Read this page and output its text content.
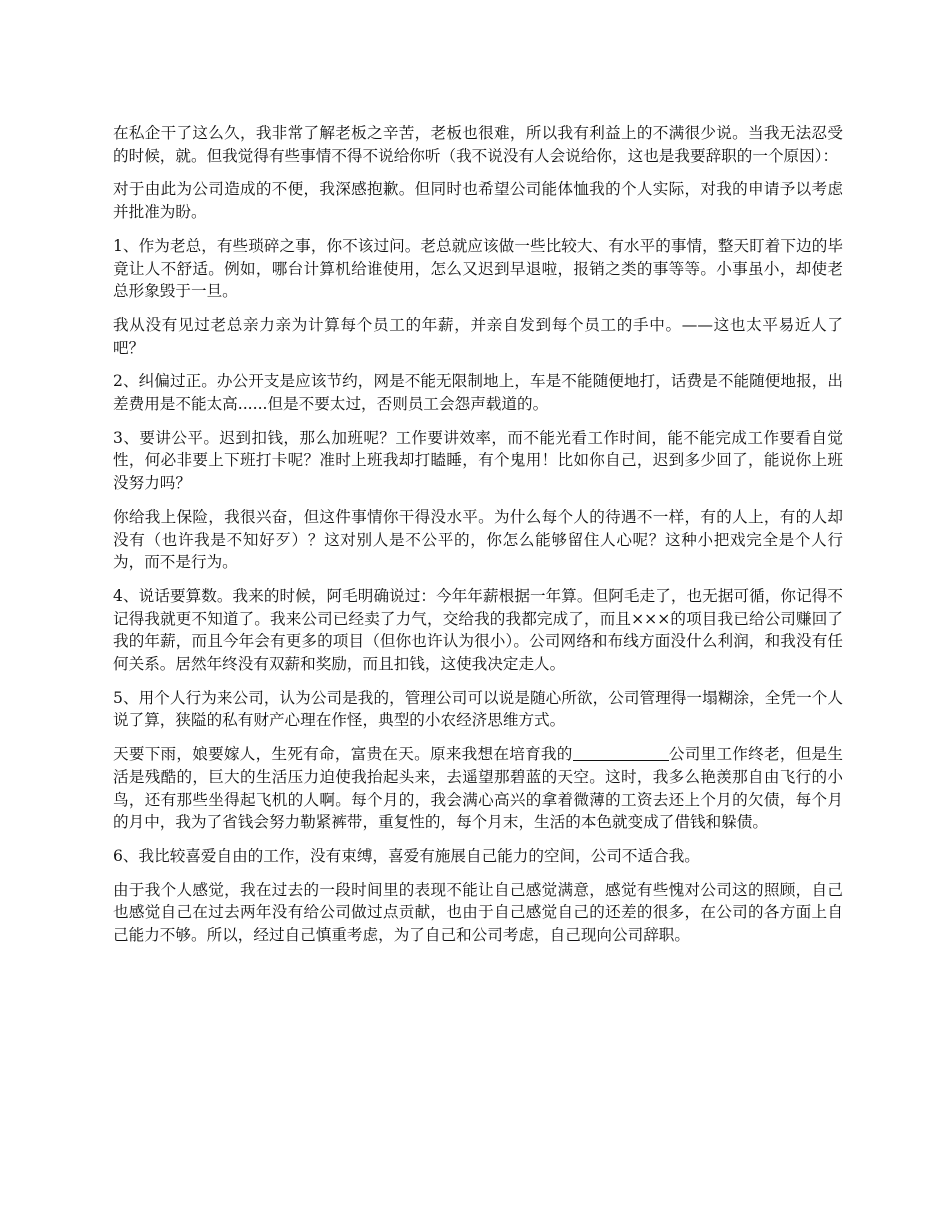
在私企干了这么久，我非常了解老板之辛苦，老板也很难，所以我有利益上的不满很少说。当我无法忍受的时候，就。但我觉得有些事情不得不说给你听（我不说没有人会说给你，这也是我要辞职的一个原因）：

对于由此为公司造成的不便，我深感抱歉。但同时也希望公司能体恤我的个人实际，对我的申请予以考虑并批准为盼。

1、作为老总，有些琐碎之事，你不该过问。老总就应该做一些比较大、有水平的事情，整天盯着下边的毕竟让人不舒适。例如，哪台计算机给谁使用，怎么又迟到早退啦，报销之类的事等等。小事虽小，却使老总形象毁于一旦。

我从没有见过老总亲力亲为计算每个员工的年薪，并亲自发到每个员工的手中。——这也太平易近人了吧？

2、纠偏过正。办公开支是应该节约，网是不能无限制地上，车是不能随便地打，话费是不能随便地报，出差费用是不能太高......但是不要太过，否则员工会怨声载道的。

3、要讲公平。迟到扣钱，那么加班呢？工作要讲效率，而不能光看工作时间，能不能完成工作要看自觉性，何必非要上下班打卡呢？准时上班我却打瞌睡，有个鬼用！比如你自己，迟到多少回了，能说你上班没努力吗？

你给我上保险，我很兴奋，但这件事情你干得没水平。为什么每个人的待遇不一样，有的人上，有的人却没有（也许我是不知好歹）？这对别人是不公平的，你怎么能够留住人心呢？这种小把戏完全是个人行为，而不是行为。

4、说话要算数。我来的时候，阿毛明确说过：今年年薪根据一年算。但阿毛走了，也无据可循，你记得不记得我就更不知道了。我来公司已经卖了力气，交给我的我都完成了，而且×××的项目我已给公司赚回了我的年薪，而且今年会有更多的项目（但你也许认为很小）。公司网络和布线方面没什么利润，和我没有任何关系。居然年终没有双薪和奖励，而且扣钱，这使我决定走人。

5、用个人行为来公司，认为公司是我的，管理公司可以说是随心所欲，公司管理得一塌糊涂，全凭一个人说了算，狭隘的私有财产心理在作怪，典型的小农经济思维方式。

天要下雨，娘要嫁人，生死有命，富贵在天。原来我想在培育我的	公司里工作终老，但是生活是残酷的，巨大的生活压力迫使我抬起头来，去遥望那碧蓝的天空。这时，我多么艳羡那自由飞行的小鸟，还有那些坐得起飞机的人啊。每个月的，我会满心高兴的拿着微薄的工资去还上个月的欠债，每个月的月中，我为了省钱会努力勒紧裤带，重复性的，每个月末，生活的本色就变成了借钱和躲债。

6、我比较喜爱自由的工作，没有束缚，喜爱有施展自己能力的空间，公司不适合我。

由于我个人感觉，我在过去的一段时间里的表现不能让自己感觉满意，感觉有些愧对公司这的照顾，自己也感觉自己在过去两年没有给公司做过点贡献，也由于自己感觉自己的还差的很多，在公司的各方面上自己能力不够。所以，经过自己慎重考虑，为了自己和公司考虑，自己现向公司辞职。
